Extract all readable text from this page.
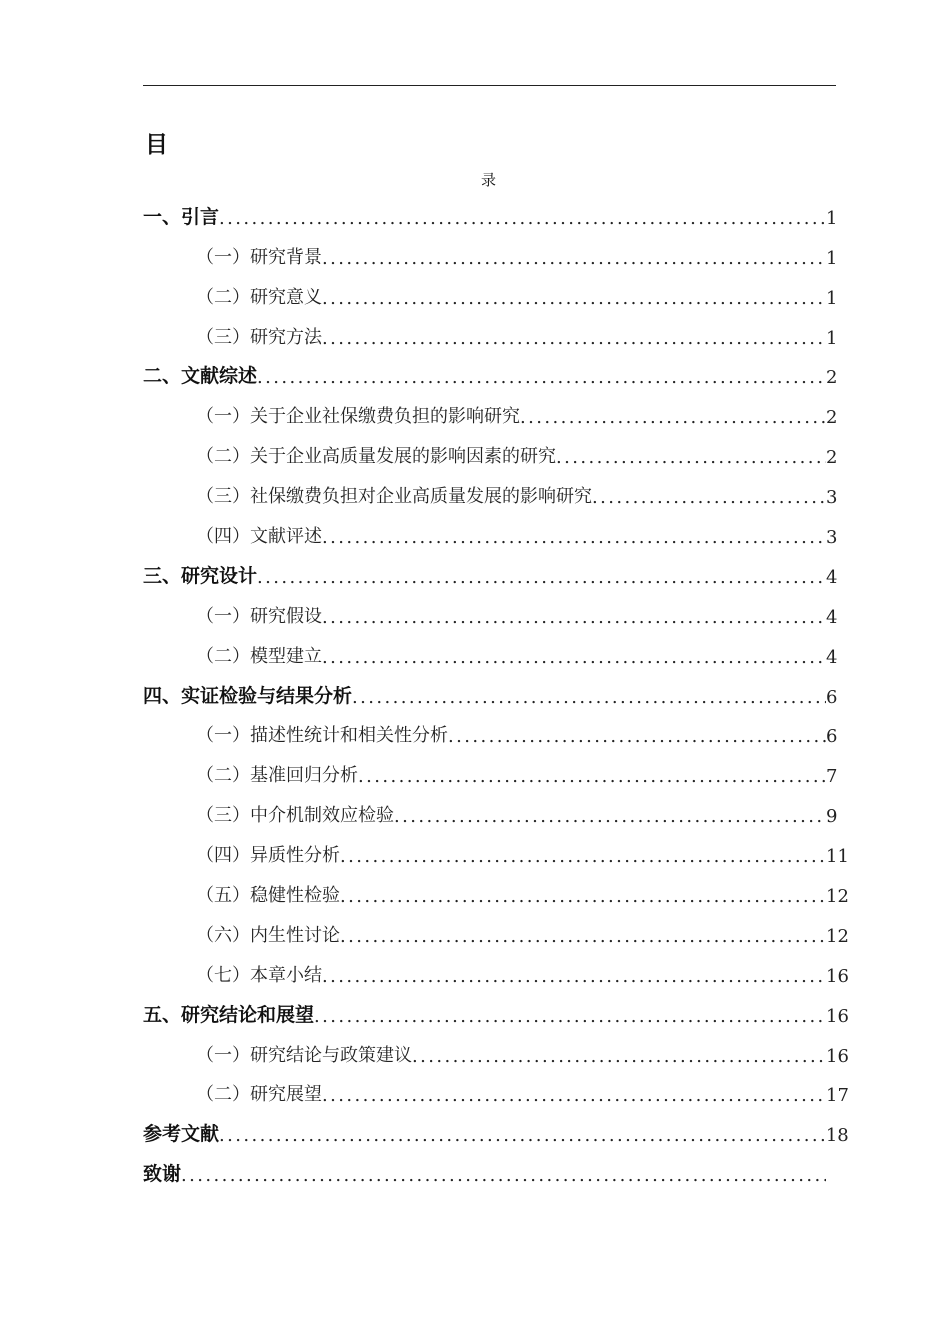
目
录
一、引言 .....	1
（一）研究背景 .....	1
（二）研究意义 .....	1
（三）研究方法 .....	1
二、文献综述 .....	2
（一）关于企业社保缴费负担的影响研究 .....	2
（二）关于企业高质量发展的影响因素的研究 .....	2
（三）社保缴费负担对企业高质量发展的影响研究 .....	3
（四）文献评述 .....	3
三、研究设计 .....	4
（一）研究假设 .....	4
（二）模型建立 .....	4
四、实证检验与结果分析 .....	6
（一）描述性统计和相关性分析 .....	6
（二）基准回归分析 .....	7
（三）中介机制效应检验 .....	9
（四）异质性分析 .....	11
（五）稳健性检验 .....	12
（六）内生性讨论 .....	12
（七）本章小结 .....	16
五、研究结论和展望 .....	16
（一）研究结论与政策建议 .....	16
（二）研究展望 .....	17
参考文献 .....	18
致谢
.....
